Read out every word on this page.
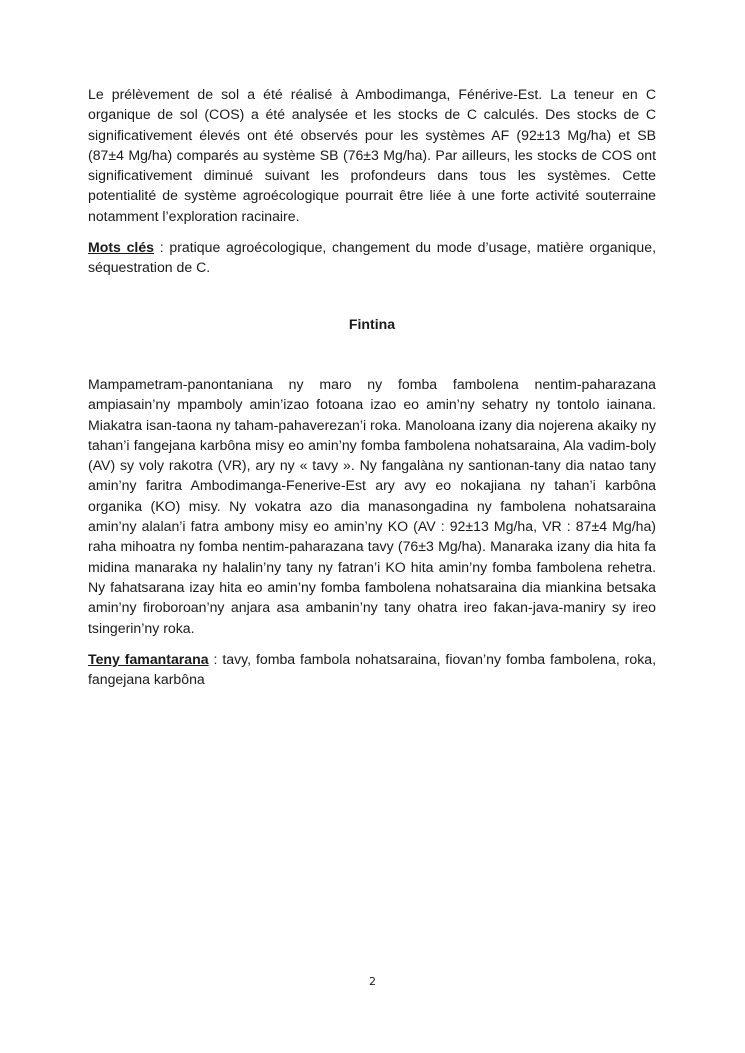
Le prélèvement de sol a été réalisé à Ambodimanga, Fénérive-Est. La teneur en C organique de sol (COS) a été analysée et les stocks de C calculés. Des stocks de C significativement élevés ont été observés pour les systèmes AF (92±13 Mg/ha) et SB (87±4 Mg/ha) comparés au système SB (76±3 Mg/ha). Par ailleurs, les stocks de COS ont significativement diminué suivant les profondeurs dans tous les systèmes. Cette potentialité de système agroécologique pourrait être liée à une forte activité souterraine notamment l’exploration racinaire.

Mots clés : pratique agroécologique, changement du mode d’usage, matière organique, séquestration de C.

Fintina

Mampametram-panontaniana ny maro ny fomba fambolena nentim-paharazana ampiasain’ny mpamboly amin’izao fotoana izao eo amin’ny sehatry ny tontolo iainana. Miakatra isan-taona ny taham-pahaverezan’i roka. Manoloana izany dia nojerena akaiky ny tahan’i fangejana karbôna misy eo amin’ny fomba fambolena nohatsaraina, Ala vadim-boly (AV) sy voly rakotra (VR), ary ny « tavy ». Ny fangalàna ny santionan-tany dia natao tany amin’ny faritra Ambodimanga-Fenerive-Est ary avy eo nokajiana ny tahan’i karbôna organika (KO) misy. Ny vokatra azo dia manasongadina ny fambolena nohatsaraina amin’ny alalan’i fatra ambony misy eo amin’ny KO (AV : 92±13 Mg/ha, VR : 87±4 Mg/ha) raha mihoatra ny fomba nentim-paharazana tavy (76±3 Mg/ha). Manaraka izany dia hita fa midina manaraka ny halalin’ny tany ny fatran’i KO hita amin’ny fomba fambolena rehetra. Ny fahatsarana izay hita eo amin’ny fomba fambolena nohatsaraina dia miankina betsaka amin’ny firoboroan’ny anjara asa ambanin’ny tany ohatra ireo fakan-java-maniry sy ireo tsingerin’ny roka.

Teny famantarana : tavy, fomba fambola nohatsaraina, fiovan’ny fomba fambolena, roka, fangejana karbôna

2
